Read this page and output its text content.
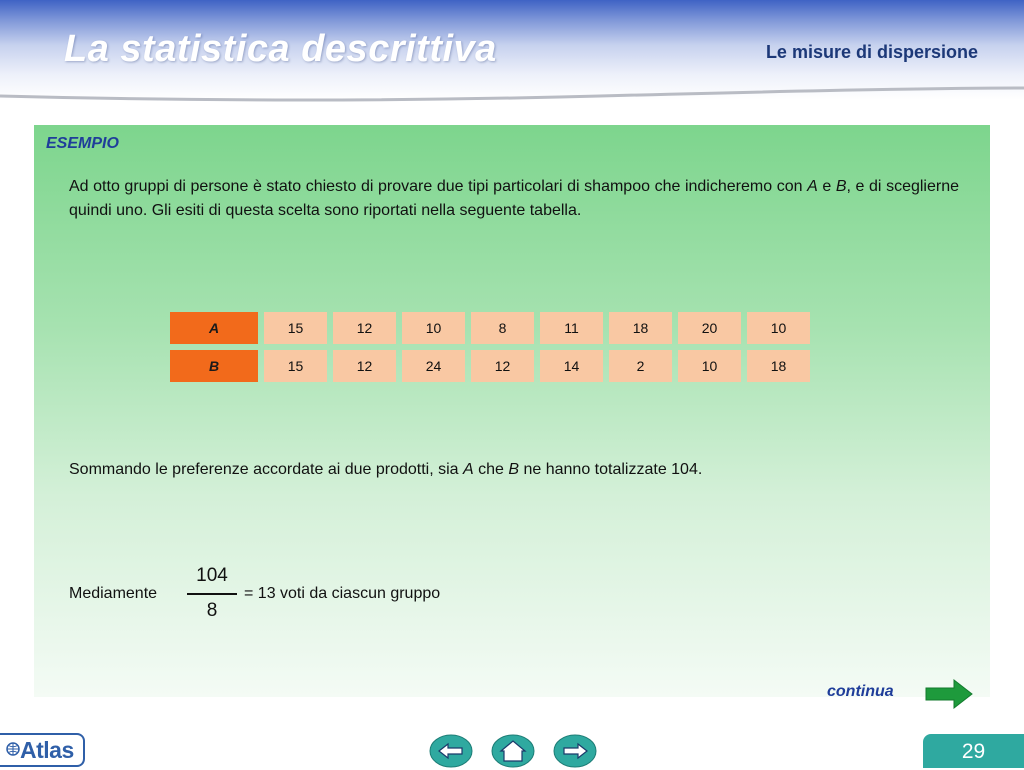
La statistica descrittiva	Le misure di dispersione
ESEMPIO
Ad otto gruppi di persone è stato chiesto di provare due tipi particolari di shampoo che indicheremo con A e B, e di sceglierne quindi uno. Gli esiti di questa scelta sono riportati nella seguente tabella.
A	15	12	10	8	11	18	20	10
B	15	12	24	12	14	2	10	18
Sommando le preferenze accordate ai due prodotti, sia A che B ne hanno totalizzate 104.
Mediamente
104
8
= 13 voti da ciascun gruppo
continua
Atlas	29
